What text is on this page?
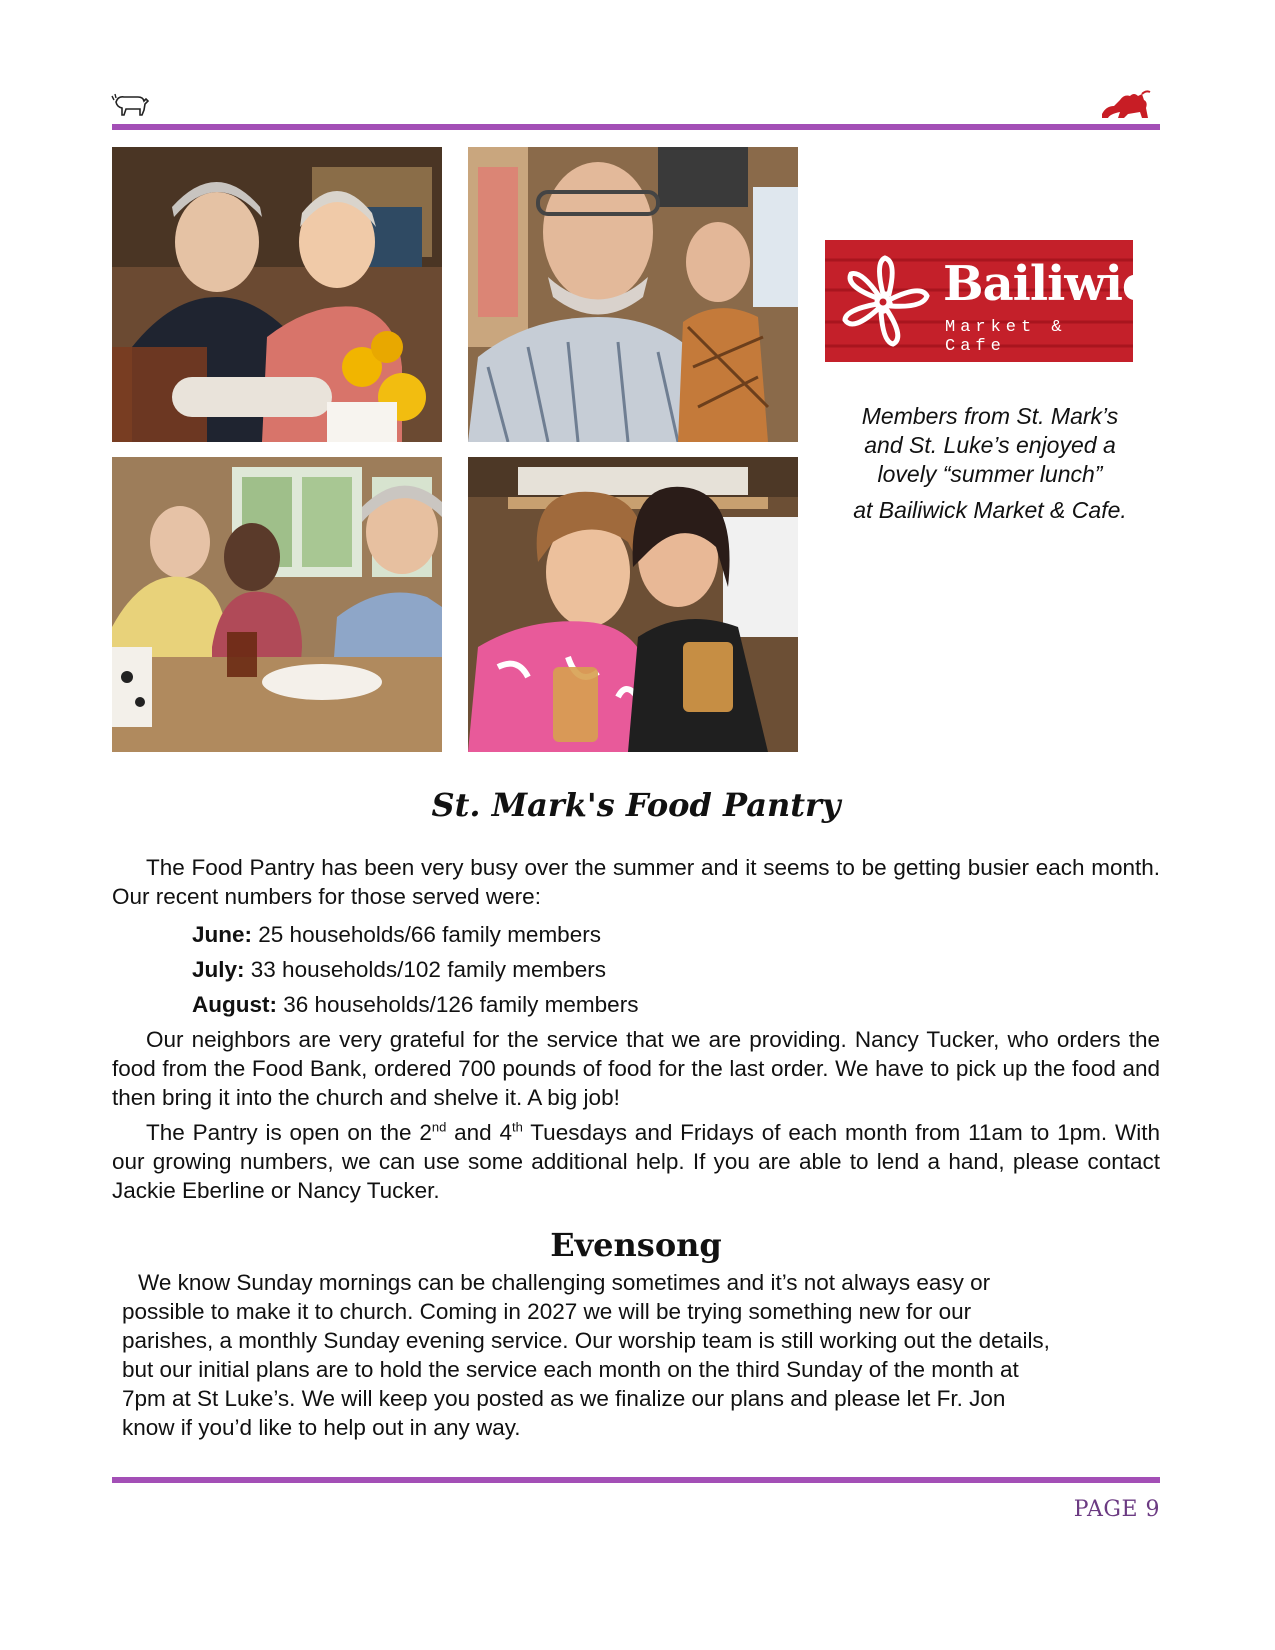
Bailiwick
Market & Cafe

Members from St. Mark’s and St. Luke’s enjoyed a lovely “summer lunch”

at Bailiwick Market & Cafe.

St. Mark's Food Pantry

The Food Pantry has been very busy over the summer and it seems to be getting busier each month. Our recent numbers for those served were:

June: 25 households/66 family members

July: 33 households/102 family members

August: 36 households/126 family members

Our neighbors are very grateful for the service that we are providing. Nancy Tucker, who orders the food from the Food Bank, ordered 700 pounds of food for the last order. We have to pick up the food and then bring it into the church and shelve it. A big job!

The Pantry is open on the 2nd and 4th Tuesdays and Fridays of each month from 11am to 1pm. With our growing numbers, we can use some additional help. If you are able to lend a hand, please contact Jackie Eberline or Nancy Tucker.

Evensong
We know Sunday mornings can be challenging sometimes and it’s not always easy or
possible to make it to church. Coming in 2027 we will be trying something new for our
parishes, a monthly Sunday evening service. Our worship team is still working out the details,
but our initial plans are to hold the service each month on the third Sunday of the month at
7pm at St Luke’s. We will keep you posted as we finalize our plans and please let Fr. Jon
know if you’d like to help out in any way.
PAGE 9
